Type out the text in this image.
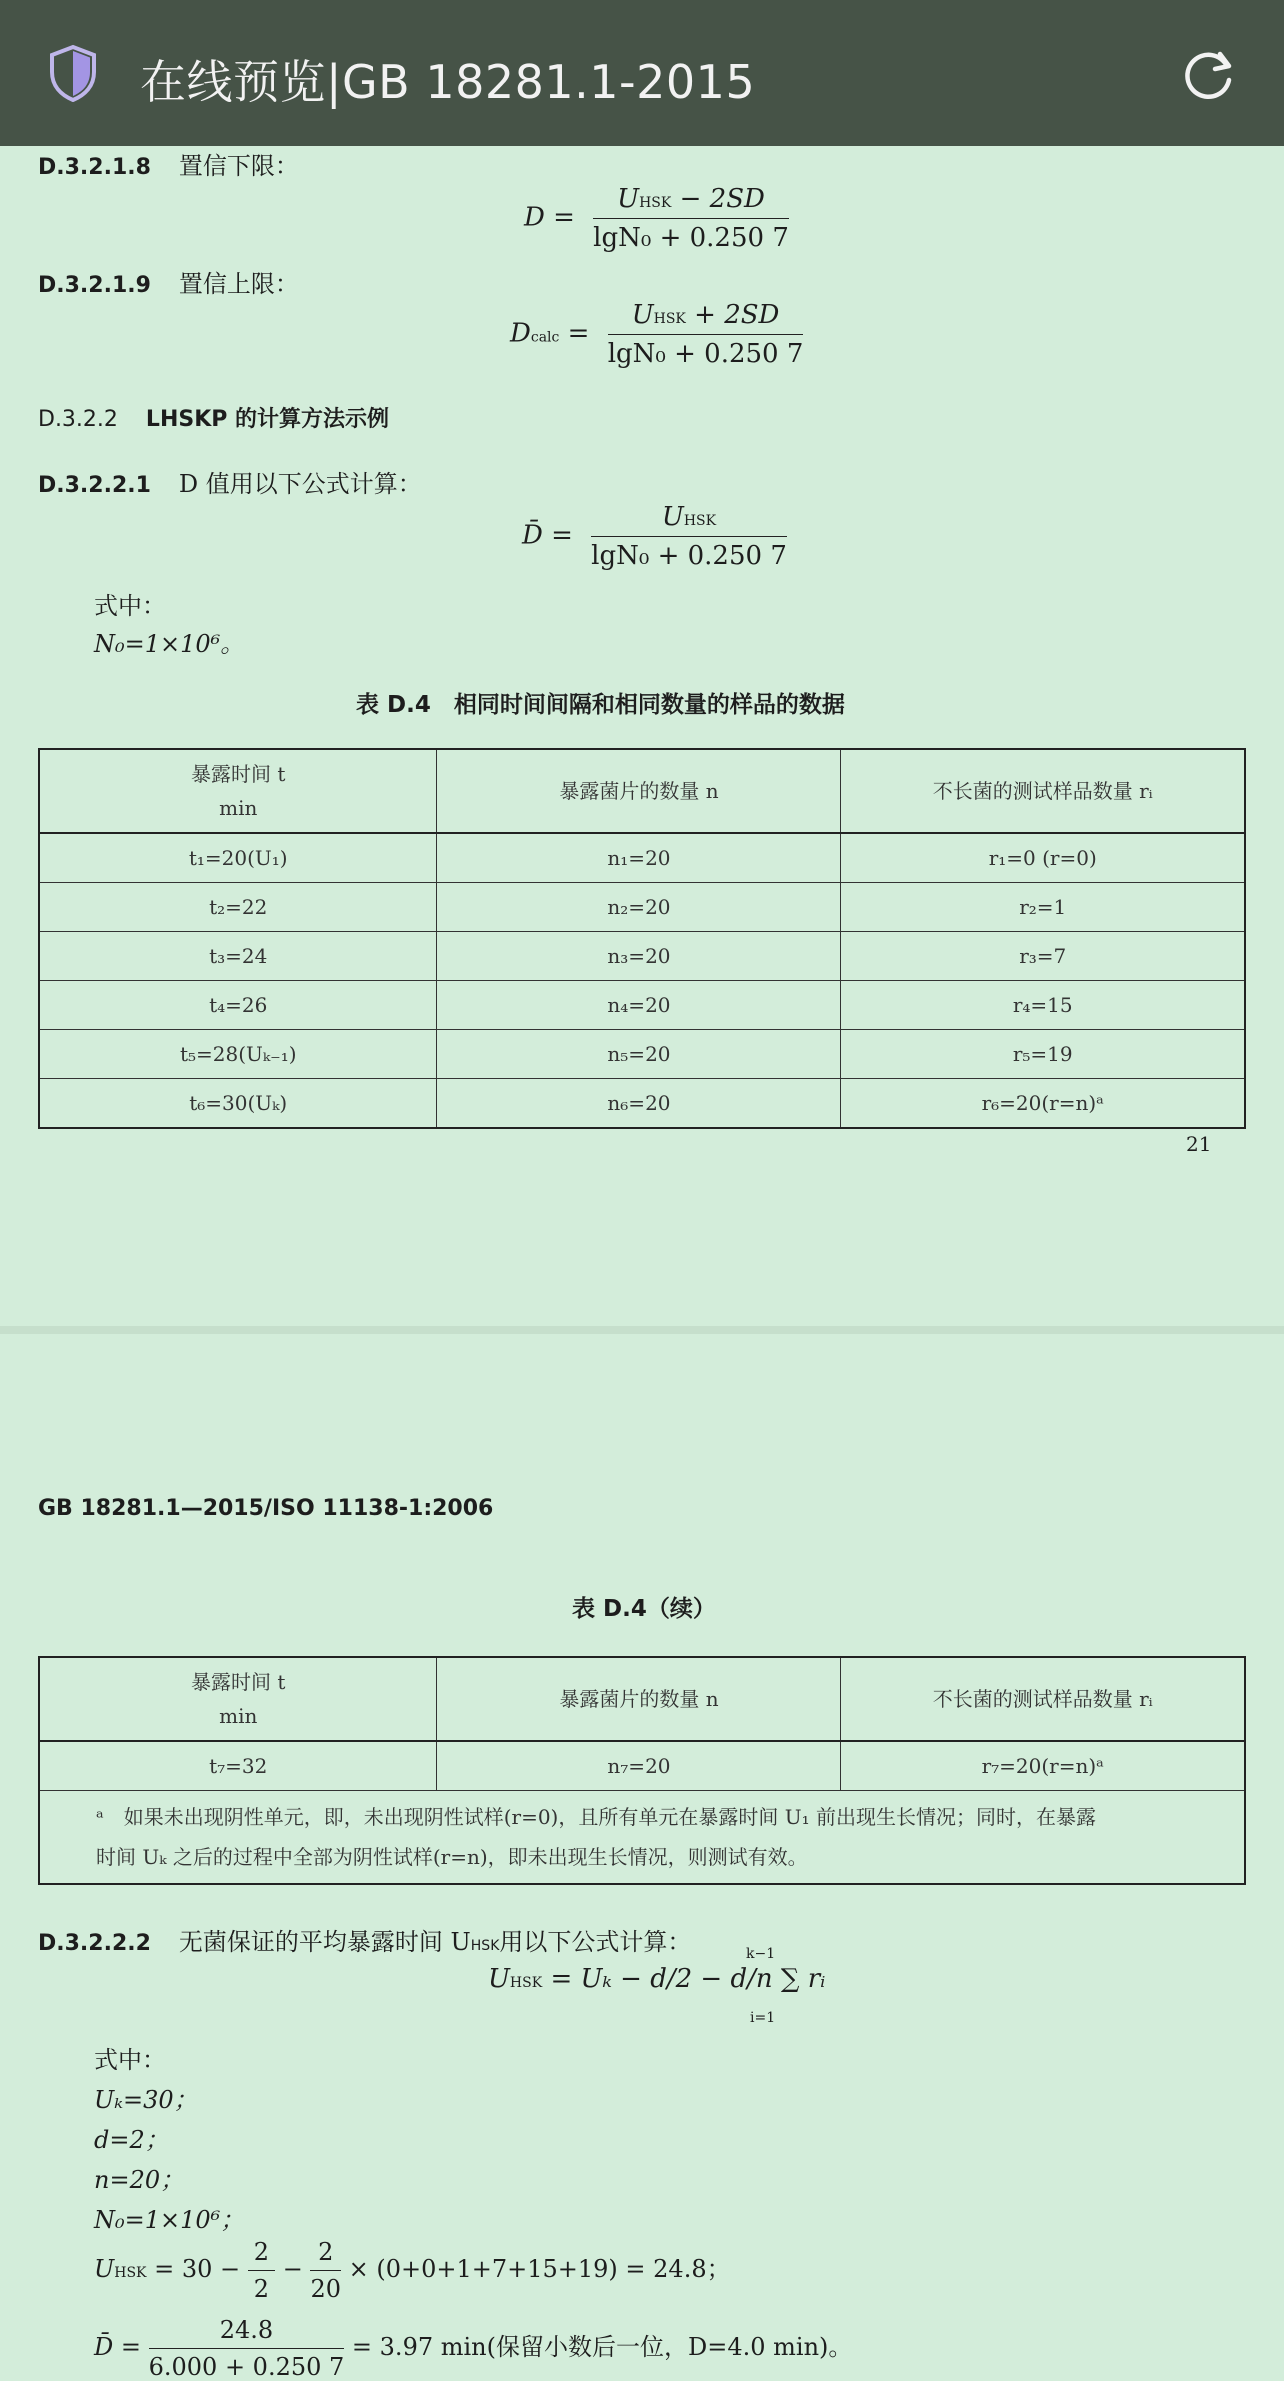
在线预览|GB 18281.1-2015
D.3.2.1.8 置信下限：
$D = \frac{\text{UHSK − 2SD}}{\text{lgN₀ + 0.250 7}}$
D.3.2.1.9 置信上限：
Dcalc = $\frac{\text{UHSK + 2SD}}{\text{lgN₀ + 0.250 7}}$
D.3.2.2 LHSKP 的计算方法示例
D.3.2.2.1 D 值用以下公式计算：
D̄ = $\frac{\text{UHSK}}{\text{lgN₀ + 0.250 7}}$
式中：
N₀=1×10⁶。
表 D.4　相同时间间隔和相同数量的样品的数据
暴露时间 t
min	暴露菌片的数量 n	不长菌的测试样品数量 rᵢ
t₁=20(U₁)	n₁=20	r₁=0 (r=0)
t₂=22	n₂=20	r₂=1
t₃=24	n₃=20	r₃=7
t₄=26	n₄=20	r₄=15
t₅=28(Uₖ₋₁)	n₅=20	r₅=19
t₆=30(Uₖ)	n₆=20	r₆=20(r=n)ᵃ
21
GB 18281.1—2015/ISO 11138-1:2006
表 D.4（续）
暴露时间 t
min	暴露菌片的数量 n	不长菌的测试样品数量 rᵢ
t₇=32	n₇=20	r₇=20(r=n)ᵃ
ᵃ　如果未出现阴性单元，即，未出现阴性试样(r=0)，且所有单元在暴露时间 U₁ 前出现生长情况；同时，在暴露
时间 Uₖ 之后的过程中全部为阴性试样(r=n)，即未出现生长情况，则测试有效。		
D.3.2.2.2 无菌保证的平均暴露时间 UHSK用以下公式计算：
UHSK = Uₖ − d/2 − d/n ∑ rᵢ
k−1
i=1
式中：
Uₖ=30；
d=2；
n=20；
N₀=1×10⁶；
UHSK = $30 - \frac{2}{2} - \frac{2}{20} \times (0+0+1+7+15+19) = 24.8$；
D̄ = $\frac{24.8}{6.000 + 0.250 7} = 3.97$ min(保留小数后一位，D=4.0 min)。
